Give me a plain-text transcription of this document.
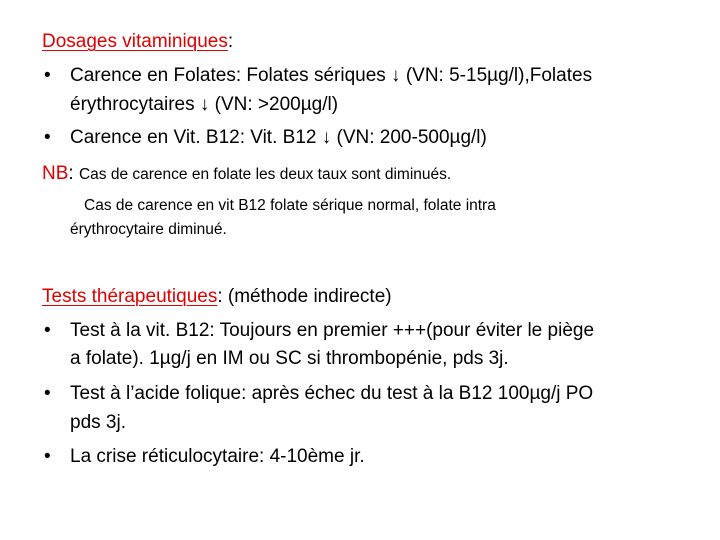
Dosages vitaminiques:
• Carence en Folates: Folates sériques ↓ (VN: 5-15µg/l),Folates
érythrocytaires ↓ (VN: >200µg/l)
• Carence en Vit. B12: Vit. B12 ↓ (VN: 200-500µg/l)
NB: Cas de carence en folate les deux taux sont diminués.
Cas de carence en vit B12 folate sérique normal, folate intra
érythrocytaire diminué.
Tests thérapeutiques: (méthode indirecte)
• Test à la vit. B12: Toujours en premier +++(pour éviter le piège
a folate). 1µg/j en IM ou SC si thrombopénie, pds 3j.
• Test à l’acide folique: après échec du test à la B12 100µg/j PO
pds 3j.
• La crise réticulocytaire: 4-10ème jr.
